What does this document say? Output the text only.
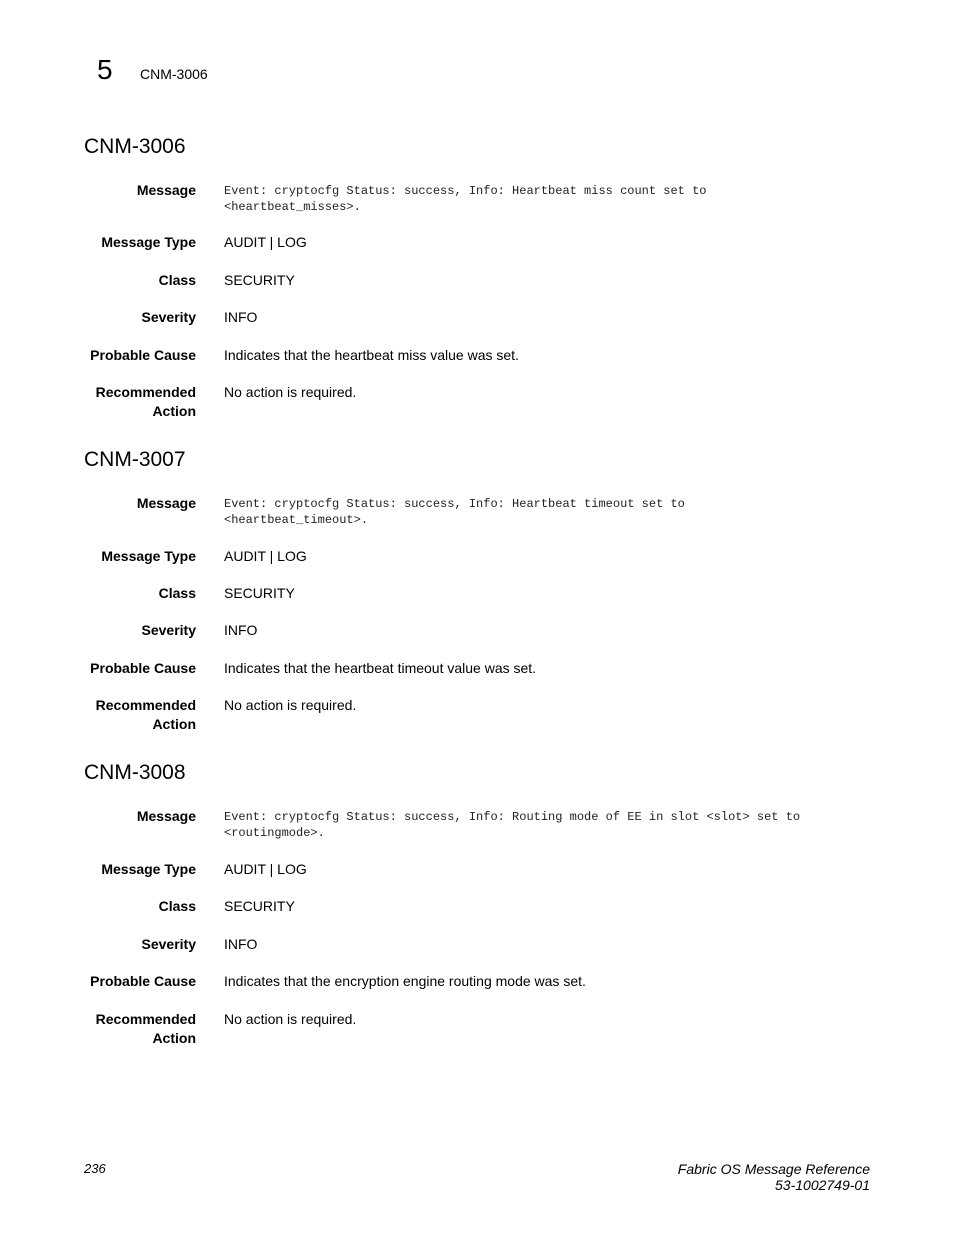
5 CNM-3006
CNM-3006
Message Event: cryptocfg Status: success, Info: Heartbeat miss count set to
<heartbeat_misses>.
Message Type AUDIT | LOG
Class SECURITY
Severity INFO
Probable Cause Indicates that the heartbeat miss value was set.
Recommended
Action
No action is required.
CNM-3007
Message Event: cryptocfg Status: success, Info: Heartbeat timeout set to
<heartbeat_timeout>.
Message Type AUDIT | LOG
Class SECURITY
Severity INFO
Probable Cause Indicates that the heartbeat timeout value was set.
Recommended
Action
No action is required.
CNM-3008
Message Event: cryptocfg Status: success, Info: Routing mode of EE in slot <slot> set to
<routingmode>.
Message Type AUDIT | LOG
Class SECURITY
Severity INFO
Probable Cause Indicates that the encryption engine routing mode was set.
Recommended
Action
No action is required.
236	Fabric OS Message Reference
53-1002749-01
